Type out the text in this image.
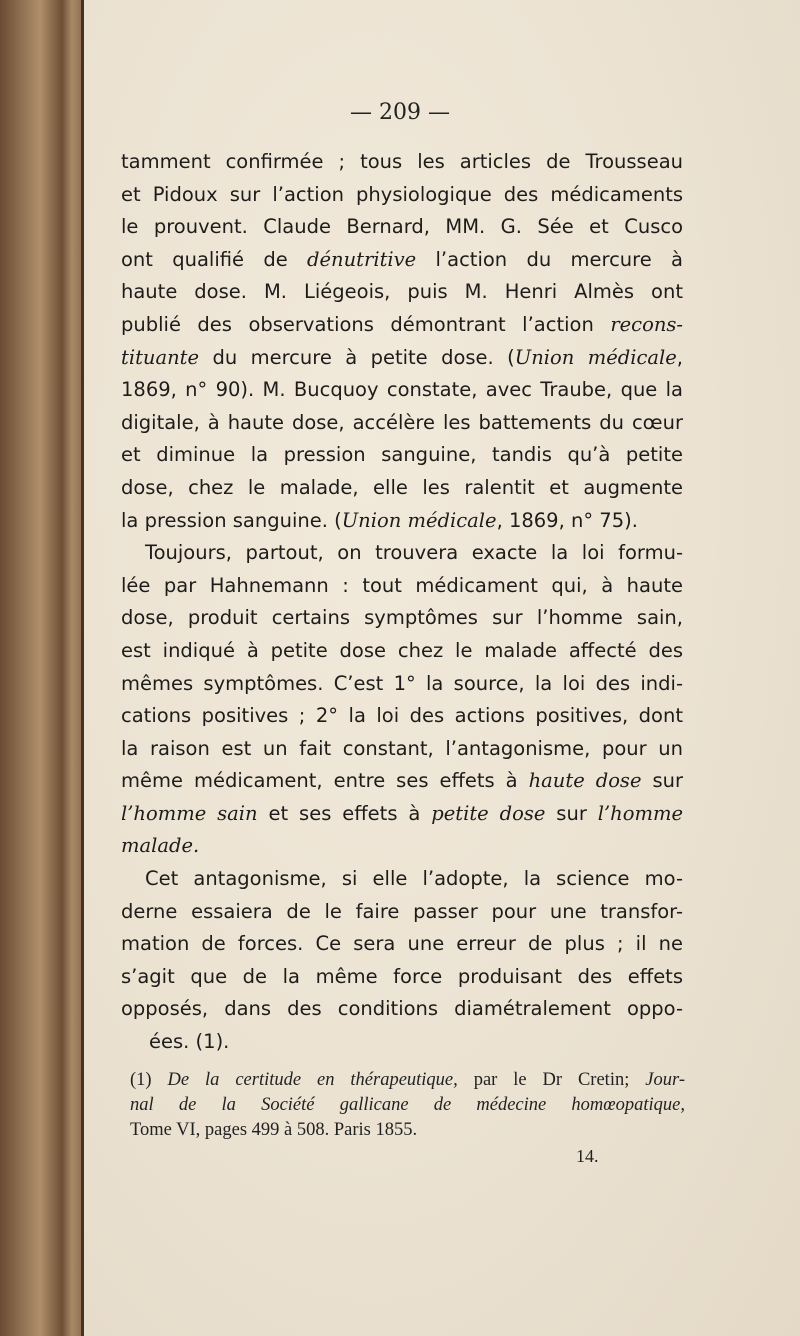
— 209 —

tamment confirmée ; tous les articles de Trousseau

et Pidoux sur l’action physiologique des médicaments

le prouvent. Claude Bernard, MM. G. Sée et Cusco

ont qualifié de dénutritive l’action du mercure à

haute dose. M. Liégeois, puis M. Henri Almès ont

publié des observations démontrant l’action recons-

tituante du mercure à petite dose. (Union médicale,

1869, n° 90). M. Bucquoy constate, avec Traube, que la

digitale, à haute dose, accélère les battements du cœur

et diminue la pression sanguine, tandis qu’à petite

dose, chez le malade, elle les ralentit et augmente

la pression sanguine. (Union médicale, 1869, n° 75).

Toujours, partout, on trouvera exacte la loi formu-

lée par Hahnemann : tout médicament qui, à haute

dose, produit certains symptômes sur l’homme sain,

est indiqué à petite dose chez le malade affecté des

mêmes symptômes. C’est 1° la source, la loi des indi-

cations positives ; 2° la loi des actions positives, dont

la raison est un fait constant, l’antagonisme, pour un

même médicament, entre ses effets à haute dose sur

l’homme sain et ses effets à petite dose sur l’homme

malade.

Cet antagonisme, si elle l’adopte, la science mo-

derne essaiera de le faire passer pour une transfor-

mation de forces. Ce sera une erreur de plus ; il ne

s’agit que de la même force produisant des effets

opposés, dans des conditions diamétralement oppo-

ées. (1).

(1) De la certitude en thérapeutique, par le Dr Cretin; Jour-

nal de la Société gallicane de médecine homœopatique,

Tome VI, pages 499 à 508. Paris 1855.

14.
